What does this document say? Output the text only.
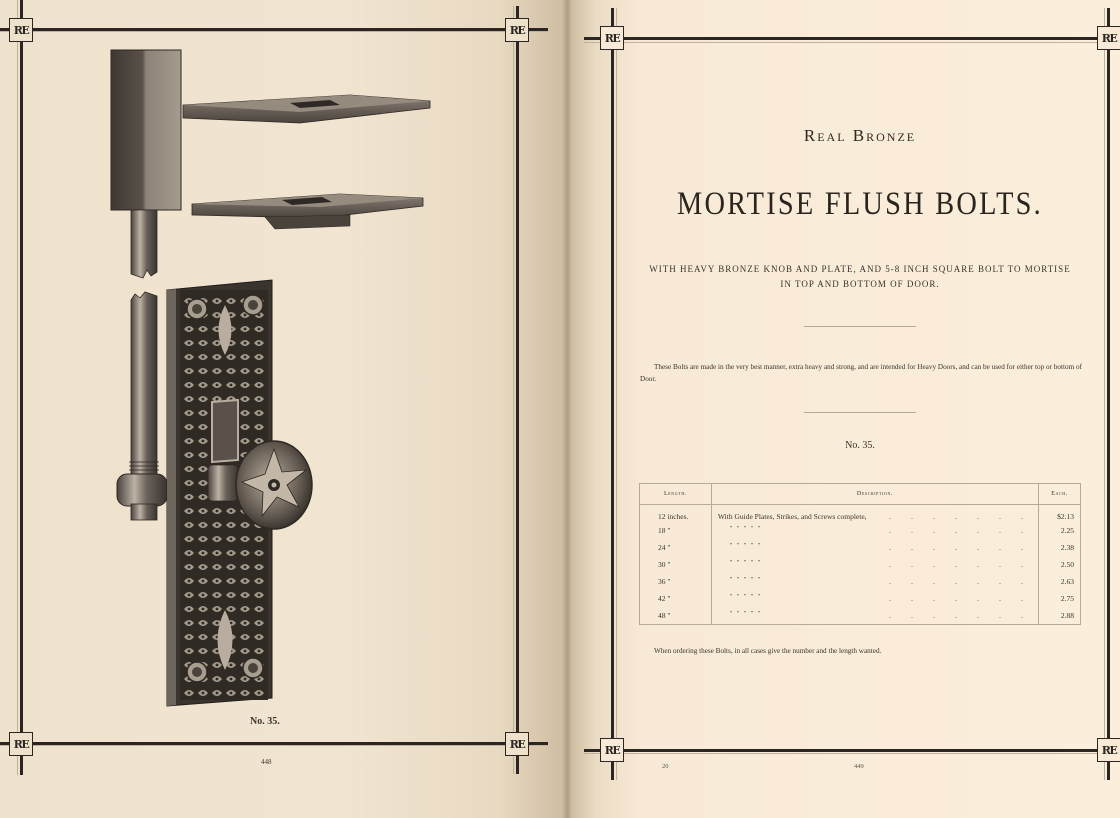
RE	RE
RE	RE
No. 35.
448
RE	RE
RE	RE
Real Bronze
MORTISE FLUSH BOLTS.
WITH HEAVY BRONZE KNOB AND PLATE, AND 5-8 INCH SQUARE BOLT TO MORTISE IN TOP AND BOTTOM OF DOOR.
These Bolts are made in the very best manner, extra heavy and strong, and are intended for Heavy Doors, and can be used for either top or bottom of Door.
No. 35.
Length.	Description.	Each.
12 inches.	With Guide Plates, Strikes, and Screws complete, . . . . . . .	$2.13
18 "	"   "   "   "   " . . . . . . .	2.25
24 "	"   "   "   "   " . . . . . . .	2.38
30 "	"   "   "   "   " . . . . . . .	2.50
36 "	"   "   "   "   " . . . . . . .	2.63
42 "	"   "   "   "   " . . . . . . .	2.75
48 "	"   "   "   "   " . . . . . . .	2.88
When ordering these Bolts, in all cases give the number and the length wanted.
20	449
